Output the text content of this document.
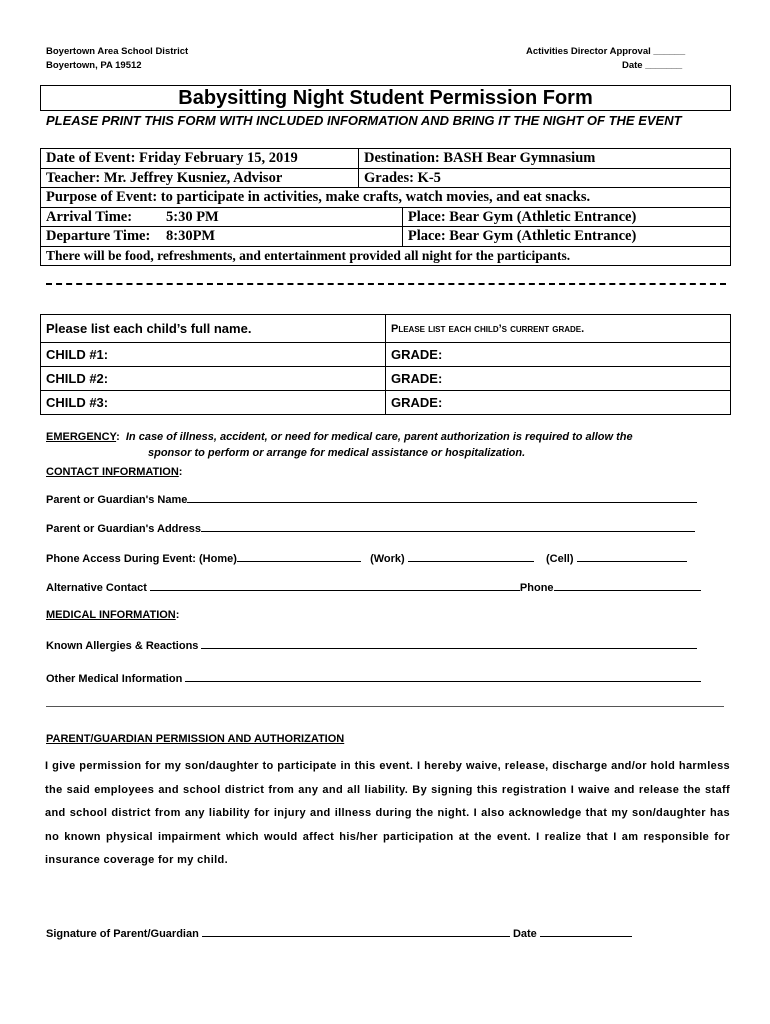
Boyertown Area School District
Boyertown, PA 19512
Activities Director Approval ______
Date _______
Babysitting Night Student Permission Form
PLEASE PRINT THIS FORM WITH INCLUDED INFORMATION AND BRING IT THE NIGHT OF THE EVENT
Date of Event: Friday February 15, 2019	Destination: BASH Bear Gymnasium	
Teacher: Mr. Jeffrey Kusniez, Advisor	Grades: K-5	
Purpose of Event: to participate in activities, make crafts, watch movies, and eat snacks.		
Arrival Time: 5:30 PM		Place: Bear Gym (Athletic Entrance)
Departure Time: 8:30PM		Place: Bear Gym (Athletic Entrance)
There will be food, refreshments, and entertainment provided all night for the participants.		
Please list each child’s full name.	Please list each child’s current grade.
CHILD #1:	GRADE:
CHILD #2:	GRADE:
CHILD #3:	GRADE:
EMERGENCY:  In case of illness, accident, or need for medical care, parent authorization is required to allow the
sponsor to perform or arrange for medical assistance or hospitalization.
CONTACT INFORMATION:
Parent or Guardian's Name
Parent or Guardian's Address
Phone Access During Event: (Home)	(Work)	(Cell)
Alternative Contact	Phone
MEDICAL INFORMATION:
Known Allergies & Reactions
Other Medical Information
PARENT/GUARDIAN PERMISSION AND AUTHORIZATION
I give permission for my son/daughter to participate in this event. I hereby waive, release, discharge and/or hold harmless the said employees and school district from any and all liability. By signing this registration I waive and release the staff and school district from any liability for injury and illness during the night. I also acknowledge that my son/daughter has no known physical impairment which would affect his/her participation at the event. I realize that I am responsible for insurance coverage for my child.
Signature of Parent/Guardian	Date
